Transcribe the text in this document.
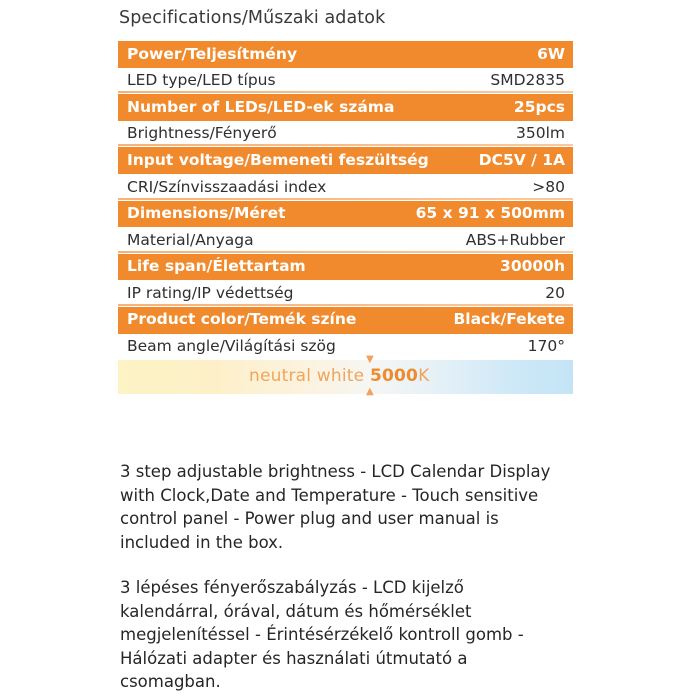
Specifications/Műszaki adatok
Power/Teljesítmény	6W
LED type/LED típus	SMD2835
Number of LEDs/LED-ek száma	25pcs
Brightness/Fényerő	350lm
Input voltage/Bemeneti feszültség	DC5V / 1A
CRI/Színvisszaadási index	>80
Dimensions/Méret	65 x 91 x 500mm
Material/Anyaga	ABS+Rubber
Life span/Élettartam	30000h
IP rating/IP védettség	20
Product color/Temék színe	Black/Fekete
Beam angle/Világítási szög	170°
▼
neutral white 5000K
▲
3 step adjustable brightness - LCD Calendar Display
with Clock,Date and Temperature - Touch sensitive
control panel - Power plug and user manual is
included in the box.
3 lépéses fényerőszabályzás - LCD kijelző
kalendárral, órával, dátum és hőmérséklet
megjelenítéssel - Érintésérzékelő kontroll gomb -
Hálózati adapter és használati útmutató a
csomagban.
